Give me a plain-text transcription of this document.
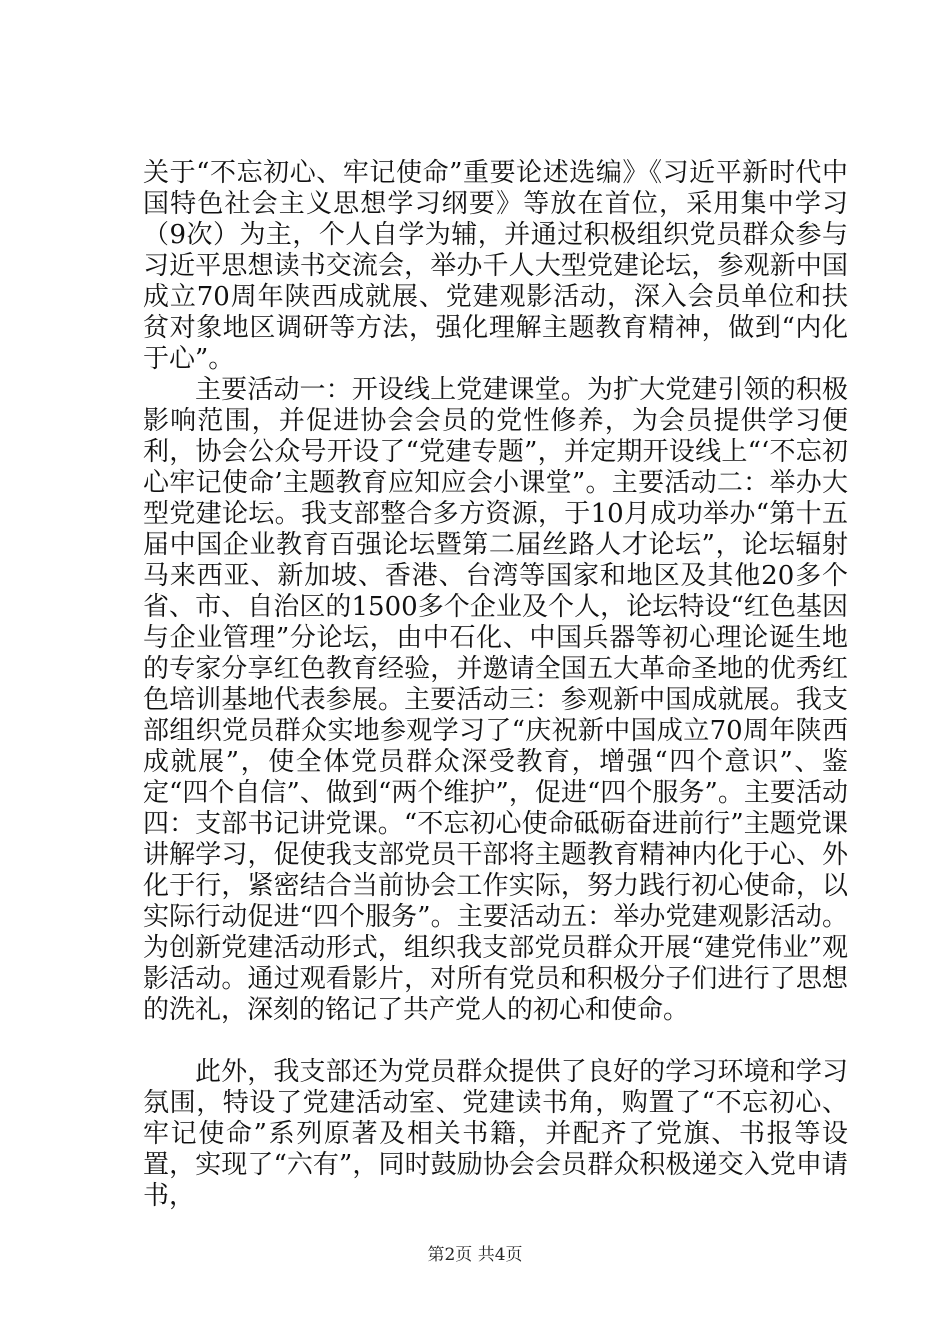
关于“不忘初心、牢记使命”重要论述选编》《习近平新时代中国特色社会主义思想学习纲要》等放在首位，采用集中学习（9次）为主，个人自学为辅，并通过积极组织党员群众参与习近平思想读书交流会，举办千人大型党建论坛，参观新中国成立70周年陕西成就展、党建观影活动，深入会员单位和扶贫对象地区调研等方法，强化理解主题教育精神，做到“内化于心”。

主要活动一：开设线上党建课堂。为扩大党建引领的积极影响范围，并促进协会会员的党性修养，为会员提供学习便利，协会公众号开设了“党建专题”，并定期开设线上“‘不忘初心牢记使命’主题教育应知应会小课堂”。主要活动二：举办大型党建论坛。我支部整合多方资源，于10月成功举办“第十五届中国企业教育百强论坛暨第二届丝路人才论坛”，论坛辐射马来西亚、新加坡、香港、台湾等国家和地区及其他20多个省、市、自治区的1500多个企业及个人，论坛特设“红色基因与企业管理”分论坛，由中石化、中国兵器等初心理论诞生地的专家分享红色教育经验，并邀请全国五大革命圣地的优秀红色培训基地代表参展。主要活动三：参观新中国成就展。我支部组织党员群众实地参观学习了“庆祝新中国成立70周年陕西成就展”，使全体党员群众深受教育，增强“四个意识”、鉴定“四个自信”、做到“两个维护”，促进“四个服务”。主要活动四：支部书记讲党课。“不忘初心使命砥砺奋进前行”主题党课讲解学习，促使我支部党员干部将主题教育精神内化于心、外化于行，紧密结合当前协会工作实际，努力践行初心使命，以实际行动促进“四个服务”。主要活动五：举办党建观影活动。为创新党建活动形式，组织我支部党员群众开展“建党伟业”观影活动。通过观看影片，对所有党员和积极分子们进行了思想的洗礼，深刻的铭记了共产党人的初心和使命。

此外，我支部还为党员群众提供了良好的学习环境和学习氛围，特设了党建活动室、党建读书角，购置了“不忘初心、牢记使命”系列原著及相关书籍，并配齐了党旗、书报等设置，实现了“六有”，同时鼓励协会会员群众积极递交入党申请书，

第2页 共4页
